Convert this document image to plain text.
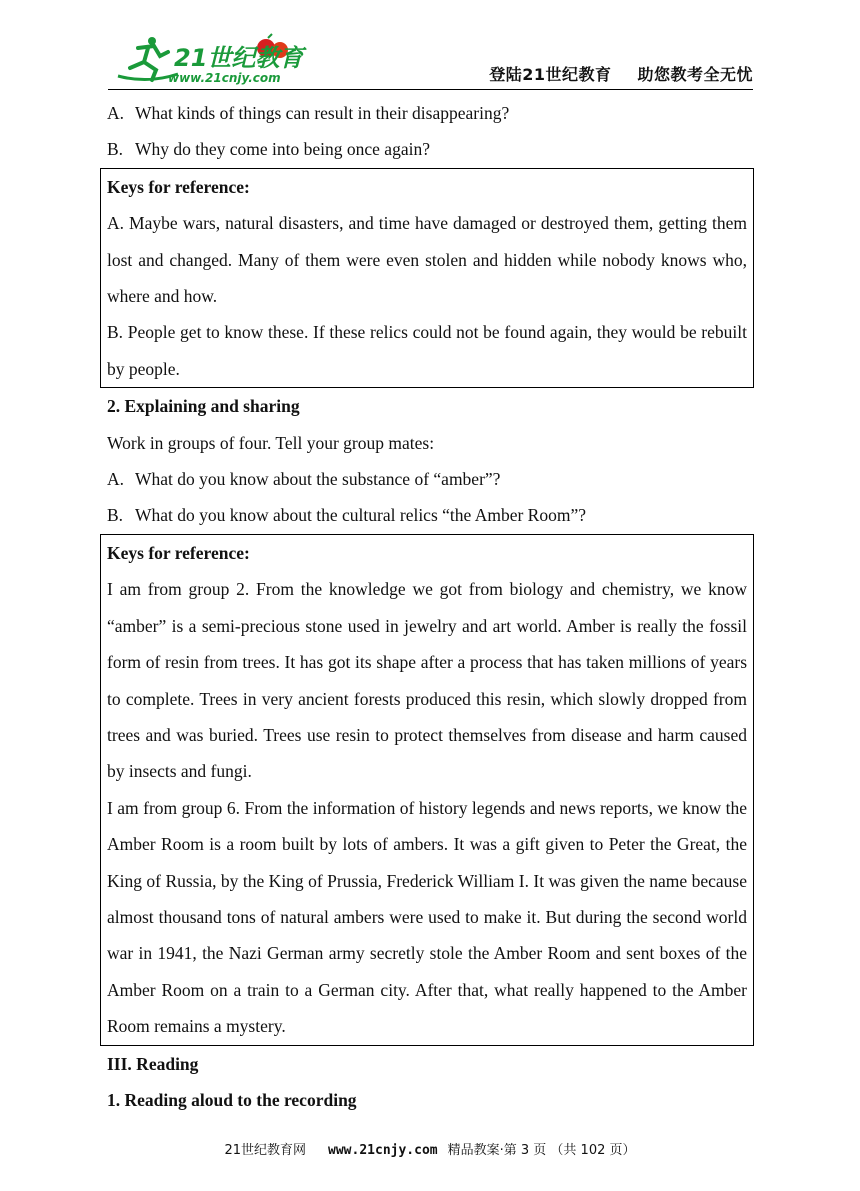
21世纪教育
www.21cnjy.com	登陆21世纪教育 助您教考全无忧
A. What kinds of things can result in their disappearing?
B. Why do they come into being once again?

Keys for reference:

A. Maybe wars, natural disasters, and time have damaged or destroyed them, getting them lost and changed. Many of them were even stolen and hidden while nobody knows who, where and how.

B. People get to know these. If these relics could not be found again, they would be rebuilt by people.

2. Explaining and sharing

Work in groups of four. Tell your group mates:

A. What do you know about the substance of “amber”?
B. What do you know about the cultural relics “the Amber Room”?

Keys for reference:

I am from group 2. From the knowledge we got from biology and chemistry, we know “amber” is a semi-precious stone used in jewelry and art world. Amber is really the fossil form of resin from trees. It has got its shape after a process that has taken millions of years to complete. Trees in very ancient forests produced this resin, which slowly dropped from trees and was buried. Trees use resin to protect themselves from disease and harm caused by insects and fungi.

I am from group 6. From the information of history legends and news reports, we know the Amber Room is a room built by lots of ambers. It was a gift given to Peter the Great, the King of Russia, by the King of Prussia, Frederick William I. It was given the name because almost thousand tons of natural ambers were used to make it. But during the second world war in 1941, the Nazi German army secretly stole the Amber Room and sent boxes of the Amber Room on a train to a German city. After that, what really happened to the Amber Room remains a mystery.

III. Reading

1. Reading aloud to the recording

21世纪教育网 www.21cnjy.com 精品教案·第 3 页 （共 102 页）
